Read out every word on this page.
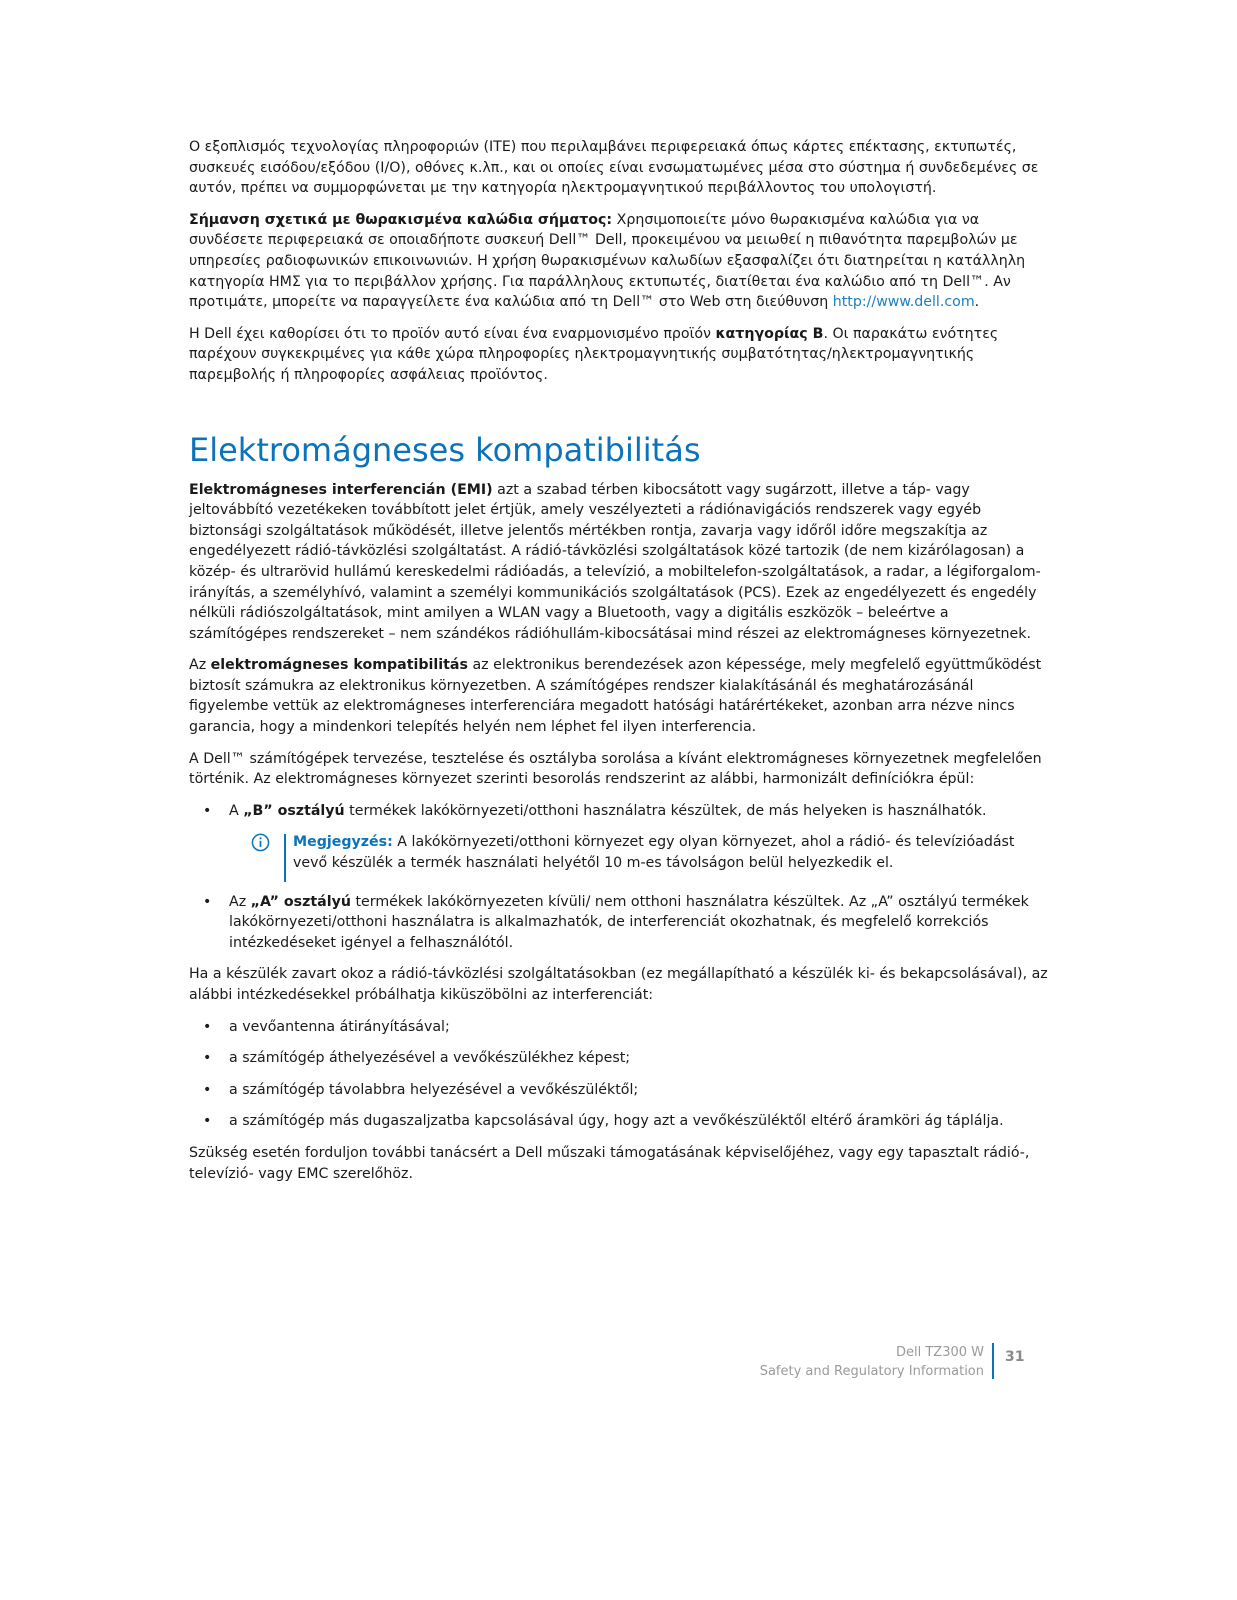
Ο εξοπλισμός τεχνολογίας πληροφοριών (ITE) που περιλαμβάνει περιφερειακά όπως κάρτες επέκτασης, εκτυπωτές, συσκευές εισόδου/εξόδου (I/O), οθόνες κ.λπ., και οι οποίες είναι ενσωματωμένες μέσα στο σύστημα ή συνδεδεμένες σε αυτόν, πρέπει να συμμορφώνεται με την κατηγορία ηλεκτρομαγνητικού περιβάλλοντος του υπολογιστή.

Σήμανση σχετικά με θωρακισμένα καλώδια σήματος: Χρησιμοποιείτε μόνο θωρακισμένα καλώδια για να συνδέσετε περιφερειακά σε οποιαδήποτε συσκευή Dell™ Dell, προκειμένου να μειωθεί η πιθανότητα παρεμβολών με υπηρεσίες ραδιοφωνικών επικοινωνιών. Η χρήση θωρακισμένων καλωδίων εξασφαλίζει ότι διατηρείται η κατάλληλη κατηγορία ΗΜΣ για το περιβάλλον χρήσης. Για παράλληλους εκτυπωτές, διατίθεται ένα καλώδιο από τη Dell™. Αν προτιμάτε, μπορείτε να παραγγείλετε ένα καλώδια από τη Dell™ στο Web στη διεύθυνση http://www.dell.com.

Η Dell έχει καθορίσει ότι το προϊόν αυτό είναι ένα εναρμονισμένο προϊόν κατηγορίας B. Οι παρακάτω ενότητες παρέχουν συγκεκριμένες για κάθε χώρα πληροφορίες ηλεκτρομαγνητικής συμβατότητας/ηλεκτρομαγνητικής παρεμβολής ή πληροφορίες ασφάλειας προϊόντος.

Elektromágneses kompatibilitás

Elektromágneses interferencián (EMI) azt a szabad térben kibocsátott vagy sugárzott, illetve a táp- vagy jeltovábbító vezetékeken továbbított jelet értjük, amely veszélyezteti a rádiónavigációs rendszerek vagy egyéb biztonsági szolgáltatások működését, illetve jelentős mértékben rontja, zavarja vagy időről időre megszakítja az engedélyezett rádió-távközlési szolgáltatást. A rádió-távközlési szolgáltatások közé tartozik (de nem kizárólagosan) a közép- és ultrarövid hullámú kereskedelmi rádióadás, a televízió, a mobiltelefon-szolgáltatások, a radar, a légiforgalom-irányítás, a személyhívó, valamint a személyi kommunikációs szolgáltatások (PCS). Ezek az engedélyezett és engedély nélküli rádiószolgáltatások, mint amilyen a WLAN vagy a Bluetooth, vagy a digitális eszközök – beleértve a számítógépes rendszereket – nem szándékos rádióhullám-kibocsátásai mind részei az elektromágneses környezetnek.

Az elektromágneses kompatibilitás az elektronikus berendezések azon képessége, mely megfelelő együttműködést biztosít számukra az elektronikus környezetben. A számítógépes rendszer kialakításánál és meghatározásánál figyelembe vettük az elektromágneses interferenciára megadott hatósági határértékeket, azonban arra nézve nincs garancia, hogy a mindenkori telepítés helyén nem léphet fel ilyen interferencia.

A Dell™ számítógépek tervezése, tesztelése és osztályba sorolása a kívánt elektromágneses környezetnek megfelelően történik. Az elektromágneses környezet szerinti besorolás rendszerint az alábbi, harmonizált definíciókra épül:

• A „B” osztályú termékek lakókörnyezeti/otthoni használatra készültek, de más helyeken is használhatók.

Megjegyzés: A lakókörnyezeti/otthoni környezet egy olyan környezet, ahol a rádió- és televízióadást vevő készülék a termék használati helyétől 10 m-es távolságon belül helyezkedik el.

• Az „A” osztályú termékek lakókörnyezeten kívüli/ nem otthoni használatra készültek. Az „A” osztályú termékek lakókörnyezeti/otthoni használatra is alkalmazhatók, de interferenciát okozhatnak, és megfelelő korrekciós intézkedéseket igényel a felhasználótól.

Ha a készülék zavart okoz a rádió-távközlési szolgáltatásokban (ez megállapítható a készülék ki- és bekapcsolásával), az alábbi intézkedésekkel próbálhatja kiküszöbölni az interferenciát:

• a vevőantenna átirányításával;
• a számítógép áthelyezésével a vevőkészülékhez képest;
• a számítógép távolabbra helyezésével a vevőkészüléktől;
• a számítógép más dugaszaljzatba kapcsolásával úgy, hogy azt a vevőkészüléktől eltérő áramköri ág táplálja.

Szükség esetén forduljon további tanácsért a Dell műszaki támogatásának képviselőjéhez, vagy egy tapasztalt rádió-, televízió- vagy EMC szerelőhöz.

Dell TZ300 W
Safety and Regulatory Information
31
